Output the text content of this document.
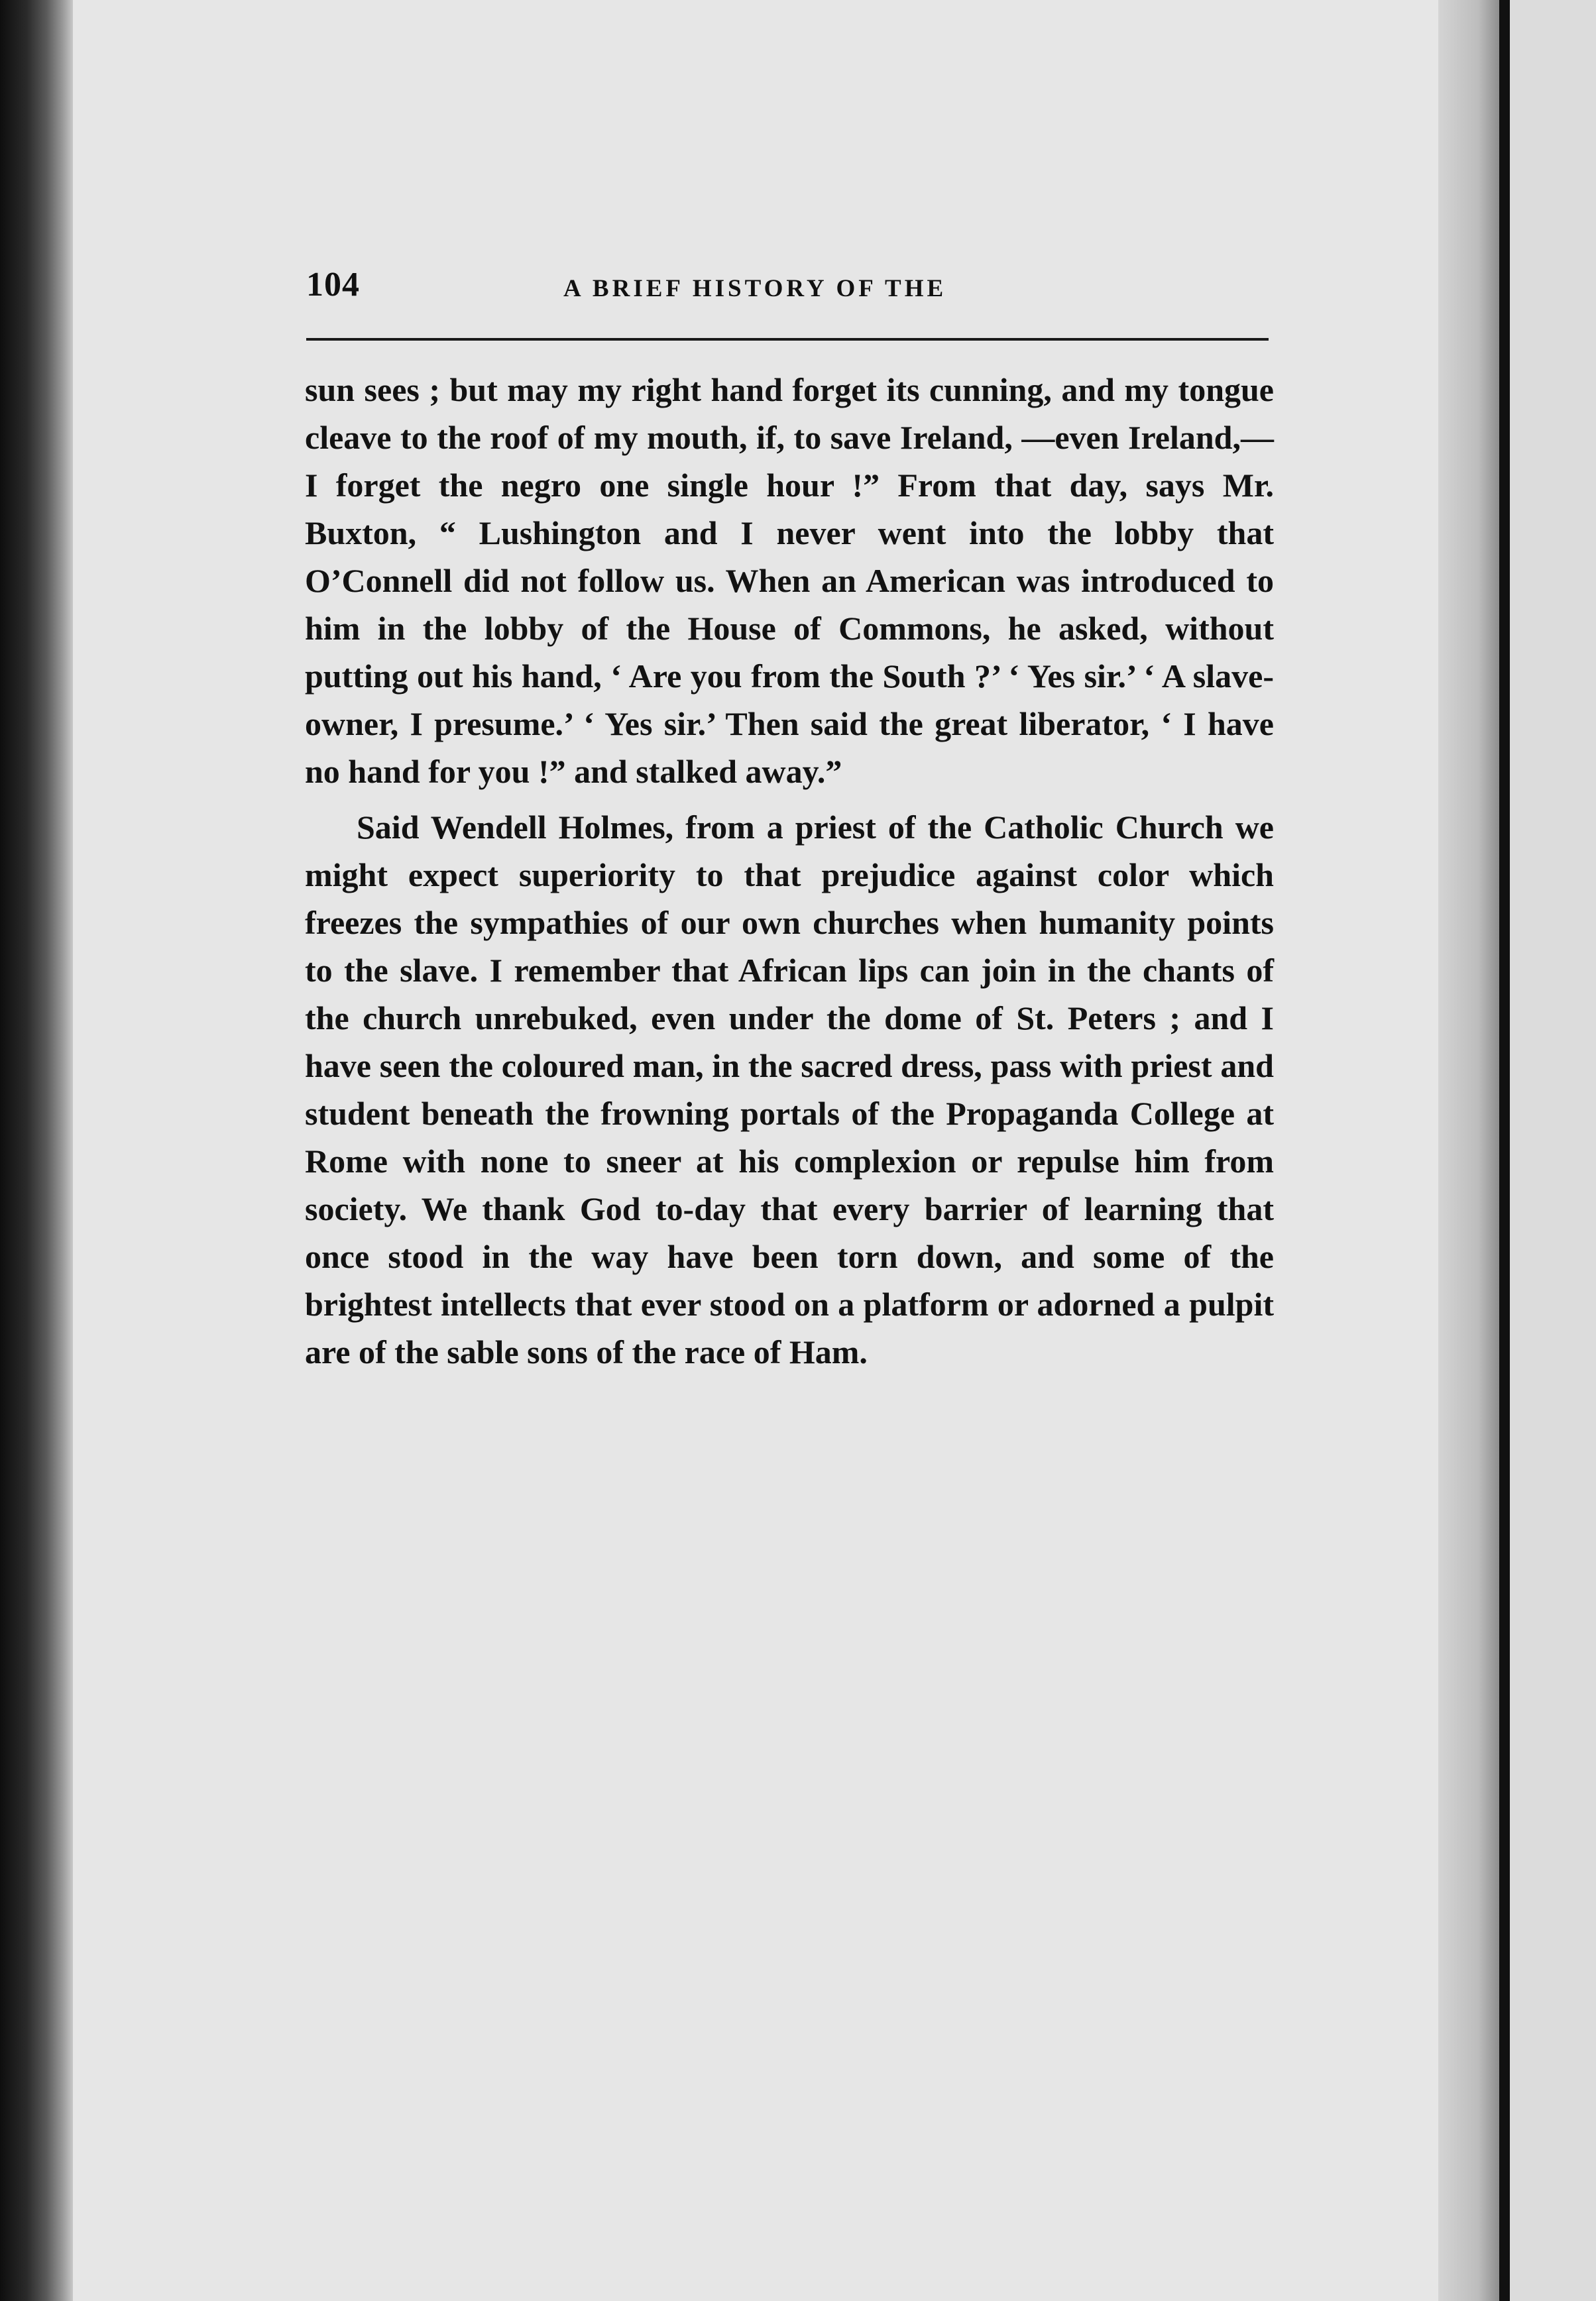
104	A BRIEF HISTORY OF THE

sun sees ; but may my right hand forget its cunning, and my tongue cleave to the roof of my mouth, if, to save Ireland, —even Ireland,—I forget the negro one single hour !” From that day, says Mr. Buxton, “ Lushington and I never went into the lobby that O’Connell did not follow us. When an American was introduced to him in the lobby of the House of Commons, he asked, without putting out his hand, ‘ Are you from the South ?’ ‘ Yes sir.’ ‘ A slave-owner, I presume.’ ‘ Yes sir.’ Then said the great liberator, ‘ I have no hand for you !” and stalked away.”

Said Wendell Holmes, from a priest of the Catholic Church we might expect superiority to that prejudice against color which freezes the sympathies of our own churches when humanity points to the slave. I remember that African lips can join in the chants of the church unrebuked, even under the dome of St. Peters ; and I have seen the coloured man, in the sacred dress, pass with priest and student beneath the frowning portals of the Propaganda College at Rome with none to sneer at his complexion or repulse him from society. We thank God to-day that every barrier of learning that once stood in the way have been torn down, and some of the brightest intellects that ever stood on a platform or adorned a pulpit are of the sable sons of the race of Ham.
